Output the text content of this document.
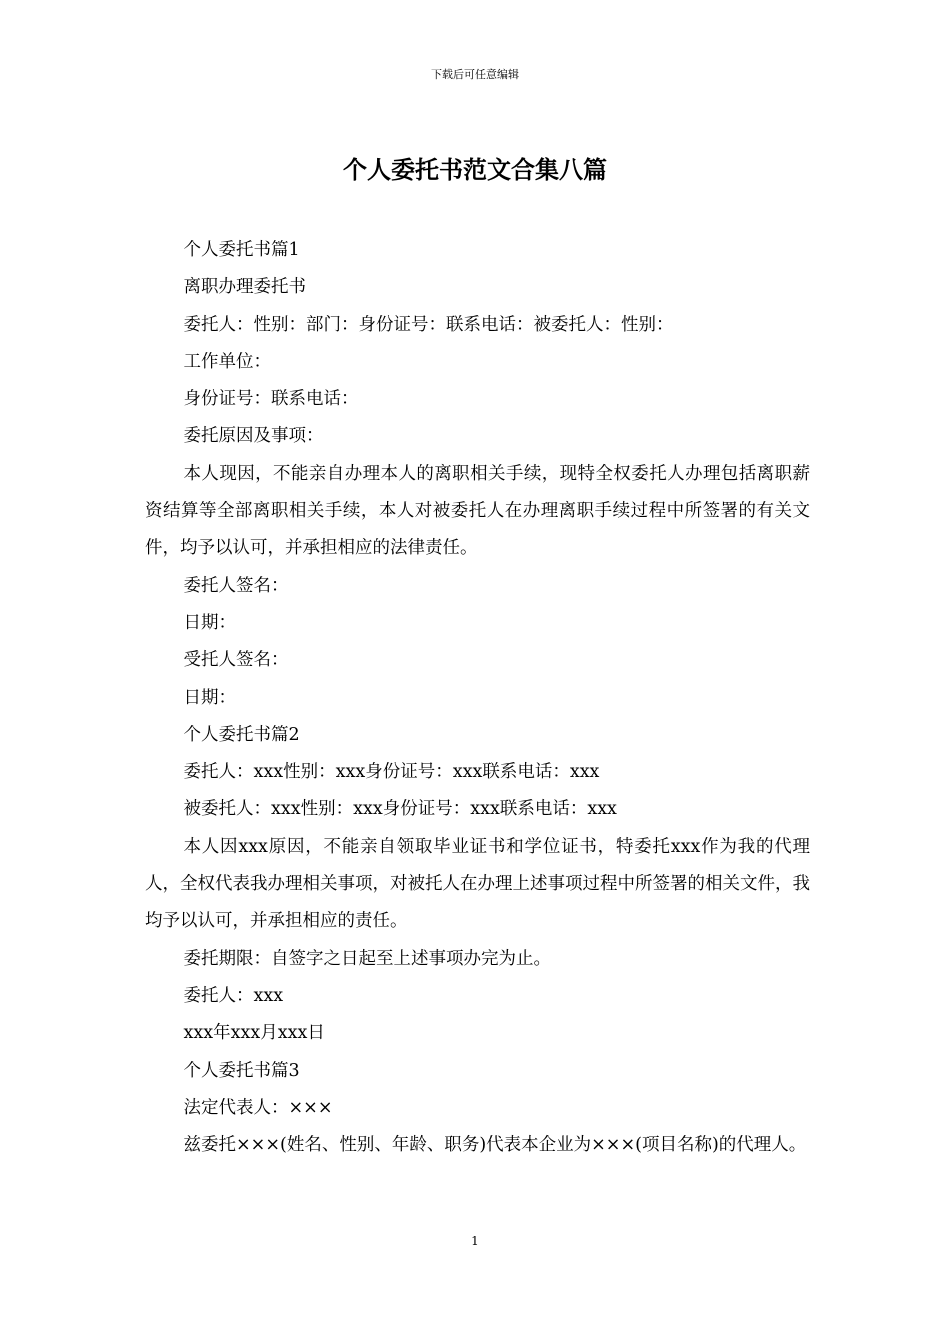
下载后可任意编辑
个人委托书范文合集八篇

个人委托书篇1

离职办理委托书

委托人：性别：部门：身份证号：联系电话：被委托人：性别：

工作单位：

身份证号：联系电话：

委托原因及事项：

本人现因，不能亲自办理本人的离职相关手续，现特全权委托人办理包括离职薪资结算等全部离职相关手续，本人对被委托人在办理离职手续过程中所签署的有关文件，均予以认可，并承担相应的法律责任。

委托人签名：

日期：

受托人签名：

日期：

个人委托书篇2

委托人：xxx性别：xxx身份证号：xxx联系电话：xxx

被委托人：xxx性别：xxx身份证号：xxx联系电话：xxx

本人因xxx原因，不能亲自领取毕业证书和学位证书，特委托xxx作为我的代理人，全权代表我办理相关事项，对被托人在办理上述事项过程中所签署的相关文件，我均予以认可，并承担相应的责任。

委托期限：自签字之日起至上述事项办完为止。

委托人：xxx

xxx年xxx月xxx日

个人委托书篇3

法定代表人：×××

兹委托×××(姓名、性别、年龄、职务)代表本企业为×××(项目名称)的代理人。

1
